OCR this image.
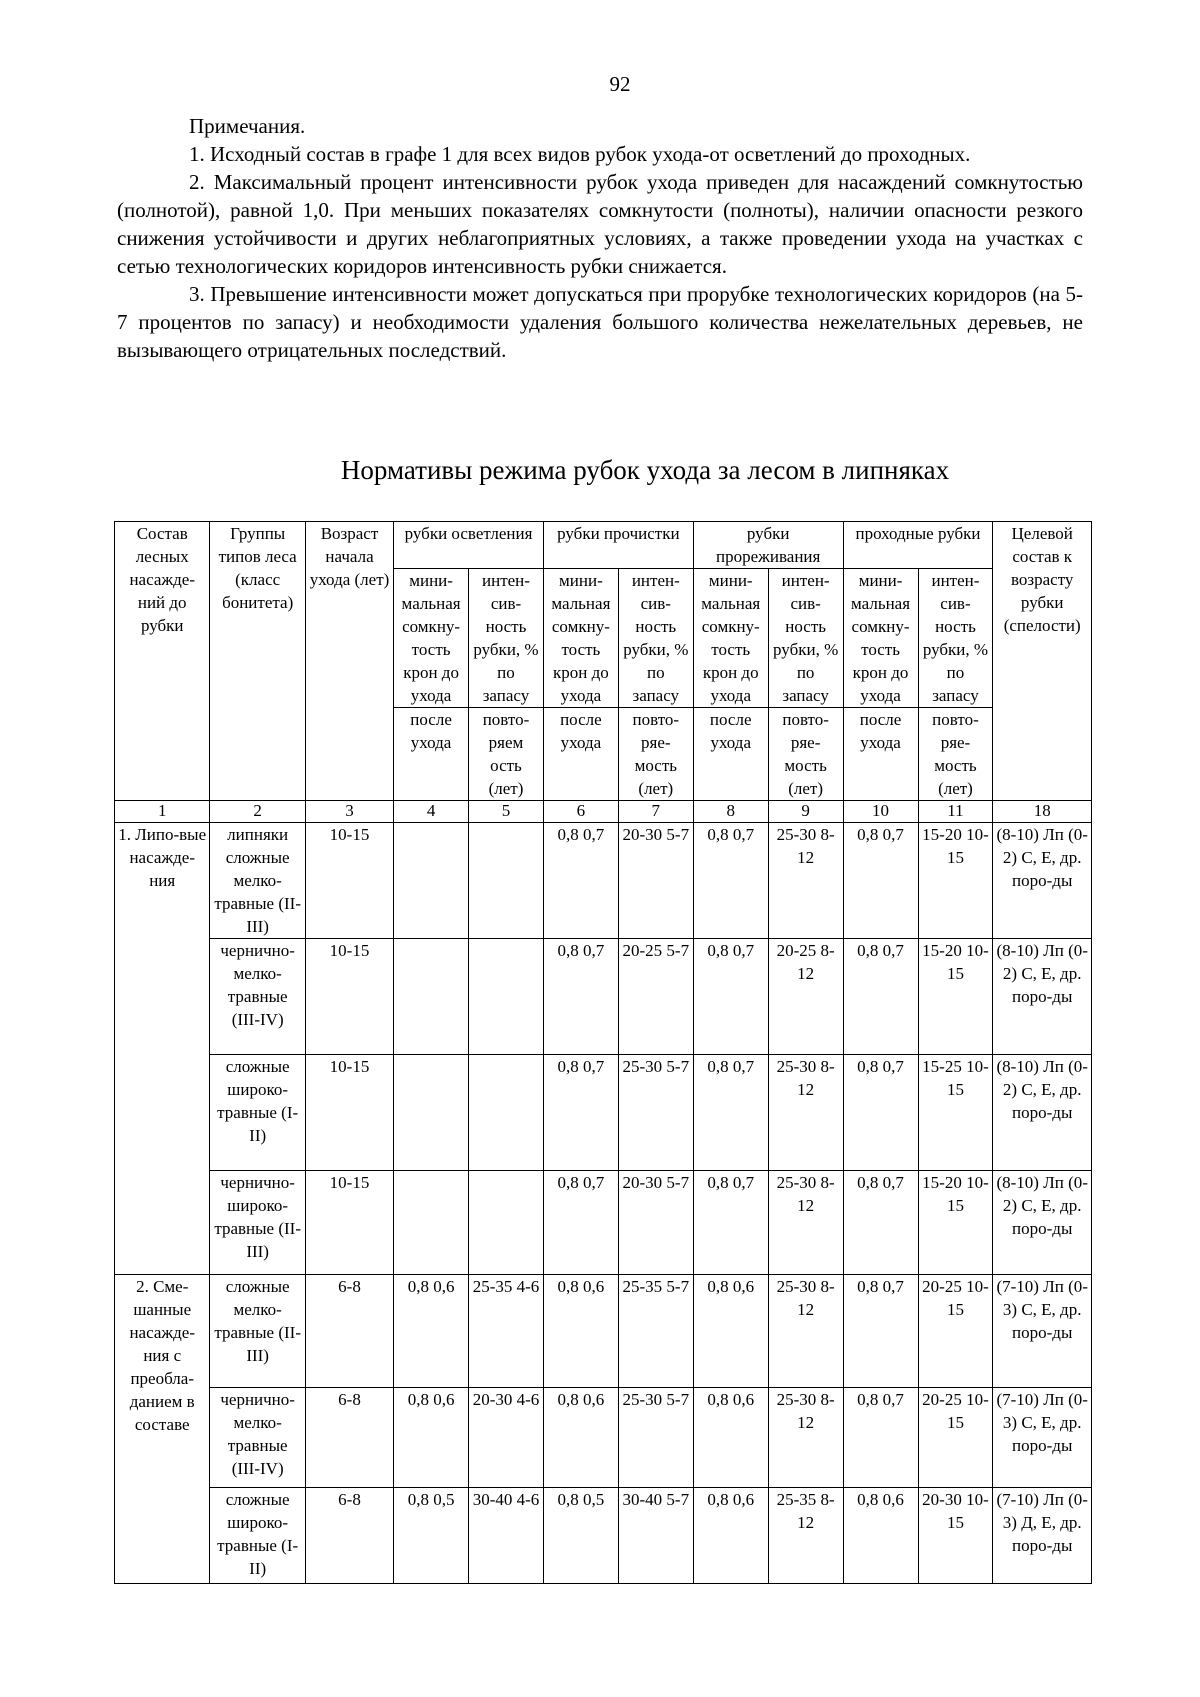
92

Примечания.

1. Исходный состав в графе 1 для всех видов рубок ухода-от осветлений до проходных.

2. Максимальный процент интенсивности рубок ухода приведен для насаждений сомкнутостью (полнотой), равной 1,0. При меньших показателях сомкнутости (полноты), наличии опасности резкого снижения устойчивости и других неблагоприятных условиях, а также проведении ухода на участках с сетью технологических коридоров интенсивность рубки снижается.

3. Превышение интенсивности может допускаться при прорубке технологических коридоров (на 5-7 процентов по запасу) и необходимости удаления большого количества нежелательных деревьев, не вызывающего отрицательных последствий.

Нормативы режима рубок ухода за лесом в липняках
Состав лесных насажде-ний до рубки	Группы типов леса (класс бонитета)	Возраст начала ухода (лет)	рубки осветления		рубки прочистки		рубки прореживания		проходные рубки		Целевой состав к возрасту рубки (спелости)
			мини-мальная сомкну-тость крон до ухода	интен-сив-ность рубки, % по запасу	мини-мальная сомкну-тость крон до ухода	интен-сив-ность рубки, % по запасу	мини-мальная сомкну-тость крон до ухода	интен-сив-ность рубки, % по запасу	мини-мальная сомкну-тость крон до ухода	интен-сив-ность рубки, % по запасу	
			после ухода	повто-ряем ость (лет)	после ухода	повто-ряе-мость (лет)	после ухода	повто-ряе-мость (лет)	после ухода	повто-ряе-мость (лет)	
1	2	3	4	5	6	7	8	9	10	11	18
1. Липо-вые насажде-ния	липняки сложные мелко-травные (II-III)	10-15			0,8 0,7	20-30 5-7	0,8 0,7	25-30 8-12	0,8 0,7	15-20 10-15	(8-10) Лп (0-2) С, Е, др. поро-ды
	чернично-мелко-травные (III-IV)	10-15			0,8 0,7	20-25 5-7	0,8 0,7	20-25 8-12	0,8 0,7	15-20 10-15	(8-10) Лп (0-2) С, Е, др. поро-ды
	сложные широко-травные (I-II)	10-15			0,8 0,7	25-30 5-7	0,8 0,7	25-30 8-12	0,8 0,7	15-25 10-15	(8-10) Лп (0-2) С, Е, др. поро-ды
	чернично-широко-травные (II-III)	10-15			0,8 0,7	20-30 5-7	0,8 0,7	25-30 8-12	0,8 0,7	15-20 10-15	(8-10) Лп (0-2) С, Е, др. поро-ды
2. Сме-шанные насажде-ния с преобла-данием в составе	сложные мелко-травные (II-III)	6-8	0,8 0,6	25-35 4-6	0,8 0,6	25-35 5-7	0,8 0,6	25-30 8-12	0,8 0,7	20-25 10-15	(7-10) Лп (0-3) С, Е, др. поро-ды
	чернично-мелко-травные (III-IV)	6-8	0,8 0,6	20-30 4-6	0,8 0,6	25-30 5-7	0,8 0,6	25-30 8-12	0,8 0,7	20-25 10-15	(7-10) Лп (0-3) С, Е, др. поро-ды
	сложные широко-травные (I-II)	6-8	0,8 0,5	30-40 4-6	0,8 0,5	30-40 5-7	0,8 0,6	25-35 8-12	0,8 0,6	20-30 10-15	(7-10) Лп (0-3) Д, Е, др. поро-ды
